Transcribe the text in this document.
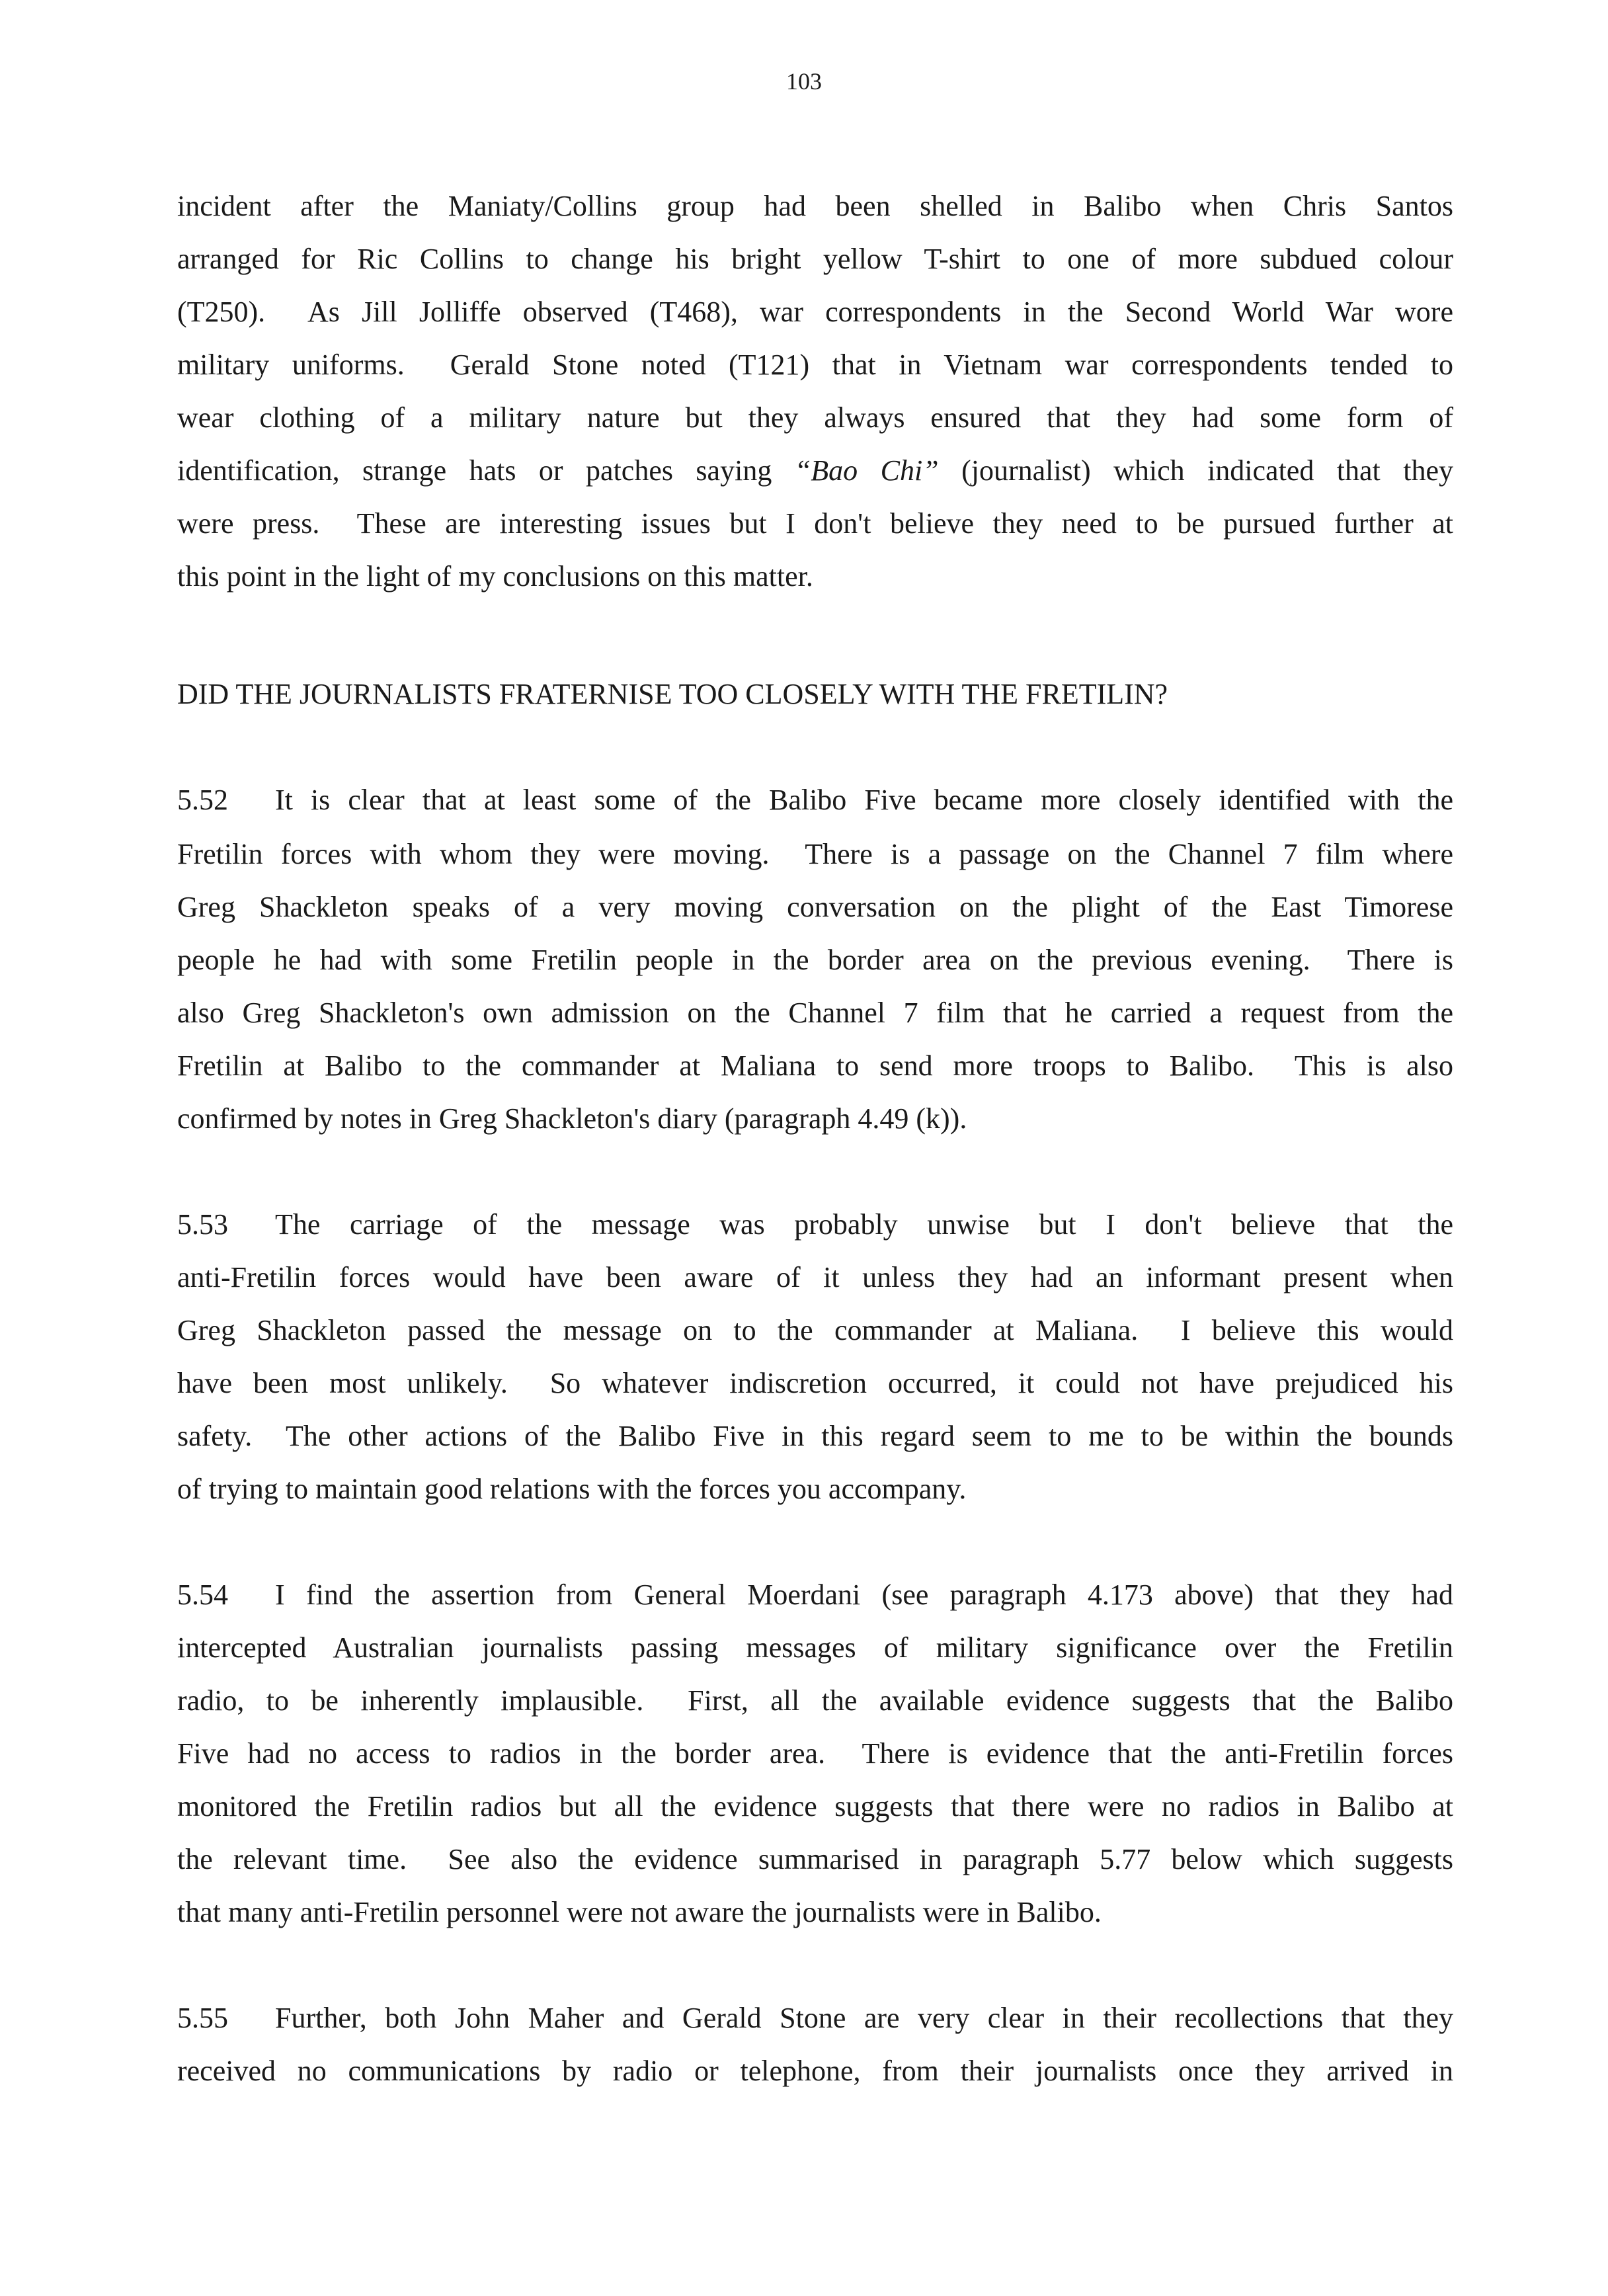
103
incident after the Maniaty/Collins group had been shelled in Balibo when Chris Santos
arranged for Ric Collins to change his bright yellow T-shirt to one of more subdued colour
(T250).  As Jill Jolliffe observed (T468), war correspondents in the Second World War wore
military uniforms.  Gerald Stone noted (T121) that in Vietnam war correspondents tended to
wear clothing of a military nature but they always ensured that they had some form of
identification, strange hats or patches saying “Bao Chi” (journalist) which indicated that they
were press.  These are interesting issues but I don't believe they need to be pursued further at
this point in the light of my conclusions on this matter.
DID THE JOURNALISTS FRATERNISE TOO CLOSELY WITH THE FRETILIN?
5.52 It is clear that at least some of the Balibo Five became more closely identified with the
Fretilin forces with whom they were moving.  There is a passage on the Channel 7 film where
Greg Shackleton speaks of a very moving conversation on the plight of the East Timorese
people he had with some Fretilin people in the border area on the previous evening.  There is
also Greg Shackleton's own admission on the Channel 7 film that he carried a request from the
Fretilin at Balibo to the commander at Maliana to send more troops to Balibo.  This is also
confirmed by notes in Greg Shackleton's diary (paragraph 4.49 (k)).
5.53 The carriage of the message was probably unwise but I don't believe that the
anti-Fretilin forces would have been aware of it unless they had an informant present when
Greg Shackleton passed the message on to the commander at Maliana.  I believe this would
have been most unlikely.  So whatever indiscretion occurred, it could not have prejudiced his
safety.  The other actions of the Balibo Five in this regard seem to me to be within the bounds
of trying to maintain good relations with the forces you accompany.
5.54 I find the assertion from General Moerdani (see paragraph 4.173 above) that they had
intercepted Australian journalists passing messages of military significance over the Fretilin
radio, to be inherently implausible.  First, all the available evidence suggests that the Balibo
Five had no access to radios in the border area.  There is evidence that the anti-Fretilin forces
monitored the Fretilin radios but all the evidence suggests that there were no radios in Balibo at
the relevant time.  See also the evidence summarised in paragraph 5.77 below which suggests
that many anti-Fretilin personnel were not aware the journalists were in Balibo.
5.55 Further, both John Maher and Gerald Stone are very clear in their recollections that they
received no communications by radio or telephone, from their journalists once they arrived in
